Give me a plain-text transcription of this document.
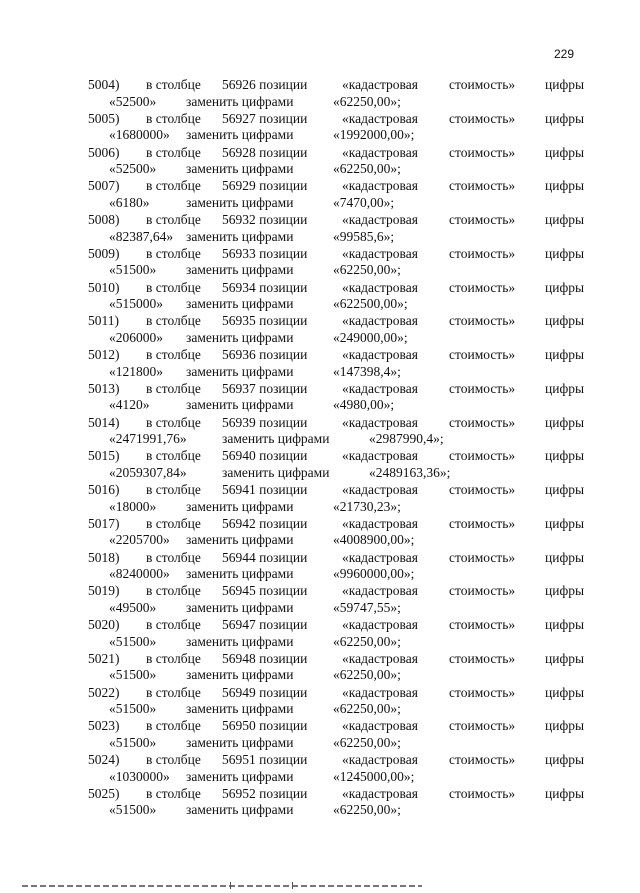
229
5004) в столбце 56926 позиции	«кадастровая стоимость» цифры
«52500» заменить цифрами	«62250,00»;
5005) в столбце 56927 позиции	«кадастровая стоимость» цифры
«1680000» заменить цифрами	«1992000,00»;
5006) в столбце 56928 позиции	«кадастровая стоимость» цифры
«52500» заменить цифрами	«62250,00»;
5007) в столбце 56929 позиции	«кадастровая стоимость» цифры
«6180»	заменить цифрами	«7470,00»;
5008) в столбце 56932 позиции	«кадастровая стоимость» цифры
«82387,64» заменить цифрами	«99585,6»;
5009) в столбце 56933 позиции	«кадастровая стоимость» цифры
«51500» заменить цифрами	«62250,00»;
5010) в столбце 56934 позиции	«кадастровая стоимость» цифры
«515000» заменить цифрами	«622500,00»;
5011) в столбце 56935 позиции	«кадастровая стоимость» цифры
«206000» заменить цифрами	«249000,00»;
5012) в столбце 56936 позиции	«кадастровая стоимость» цифры
«121800» заменить цифрами	«147398,4»;
5013) в столбце 56937 позиции	«кадастровая стоимость» цифры
«4120»	заменить цифрами	«4980,00»;
5014) в столбце 56939 позиции	«кадастровая стоимость» цифры
«2471991,76»	заменить цифрами	«2987990,4»;
5015) в столбце 56940 позиции	«кадастровая стоимость» цифры
«2059307,84»	заменить цифрами	«2489163,36»;
5016) в столбце 56941 позиции	«кадастровая стоимость» цифры
«18000» заменить цифрами	«21730,23»;
5017) в столбце 56942 позиции	«кадастровая стоимость» цифры
«2205700» заменить цифрами	«4008900,00»;
5018) в столбце 56944 позиции	«кадастровая стоимость» цифры
«8240000» заменить цифрами	«9960000,00»;
5019) в столбце 56945 позиции	«кадастровая стоимость» цифры
«49500» заменить цифрами	«59747,55»;
5020) в столбце 56947 позиции	«кадастровая стоимость» цифры
«51500» заменить цифрами	«62250,00»;
5021) в столбце 56948 позиции	«кадастровая стоимость» цифры
«51500» заменить цифрами	«62250,00»;
5022) в столбце 56949 позиции	«кадастровая стоимость» цифры
«51500» заменить цифрами	«62250,00»;
5023) в столбце 56950 позиции	«кадастровая стоимость» цифры
«51500» заменить цифрами	«62250,00»;
5024) в столбце 56951 позиции	«кадастровая стоимость» цифры
«1030000» заменить цифрами	«1245000,00»;
5025) в столбце 56952 позиции	«кадастровая стоимость» цифры
«51500» заменить цифрами	«62250,00»;
